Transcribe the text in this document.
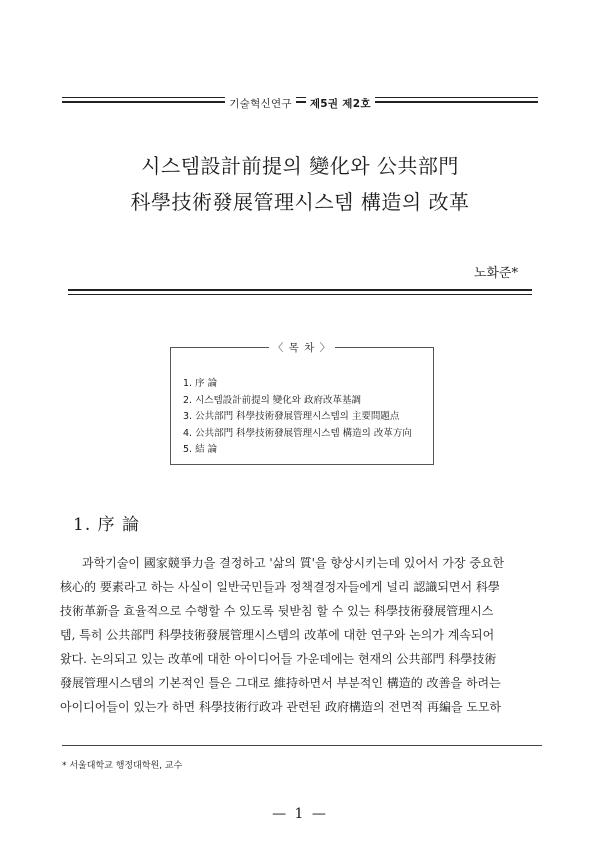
기술혁신연구 제5권 제2호
시스템設計前提의 變化와 公共部門
科學技術發展管理시스템 構造의 改革
노화준*
〈 목 차 〉
1. 序 論
2. 시스템設計前提의 變化와 政府改革基調
3. 公共部門 科學技術發展管理시스템의 主要問題点
4. 公共部門 科學技術發展管理시스템 構造의 改革方向
5. 結 論
1. 序 論
과학기술이 國家競爭力을 결정하고 '삶의 質'을 향상시키는데 있어서 가장 중요한
核心的 要素라고 하는 사실이 일반국민들과 정책결정자들에게 널리 認識되면서 科學
技術革新을 효율적으로 수행할 수 있도록 뒷받침 할 수 있는 科學技術發展管理시스
템, 특히 公共部門 科學技術發展管理시스템의 改革에 대한 연구와 논의가 계속되어
왔다. 논의되고 있는 改革에 대한 아이디어들 가운데에는 현재의 公共部門 科學技術
發展管理시스템의 기본적인 틀은 그대로 維持하면서 부분적인 構造的 改善을 하려는
아이디어들이 있는가 하면 科學技術行政과 관련된 政府構造의 전면적 再編을 도모하
* 서울대학교 행정대학원, 교수
— 1 —
